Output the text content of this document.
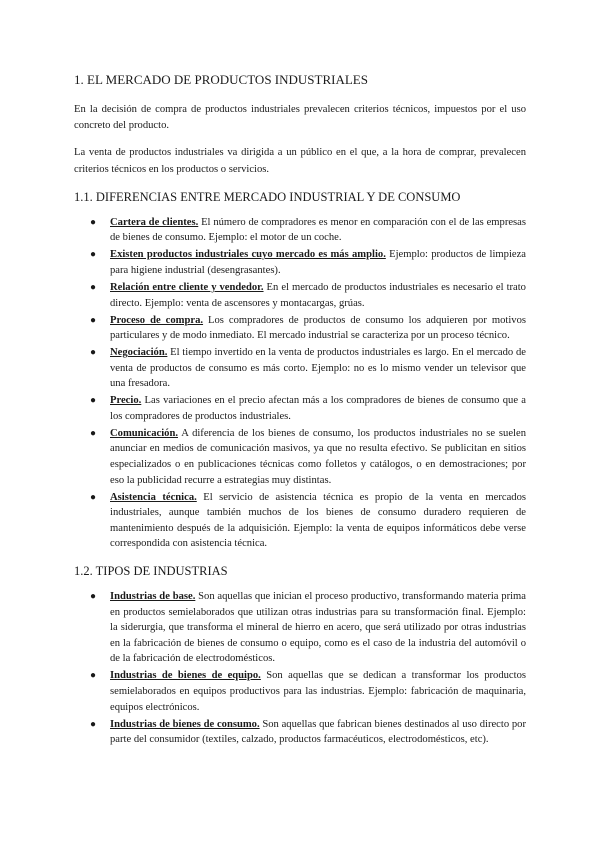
1. EL MERCADO DE PRODUCTOS INDUSTRIALES

En la decisión de compra de productos industriales prevalecen criterios técnicos, impuestos por el uso concreto del producto.

La venta de productos industriales va dirigida a un público en el que, a la hora de comprar, prevalecen criterios técnicos en los productos o servicios.

1.1. DIFERENCIAS ENTRE MERCADO INDUSTRIAL Y DE CONSUMO
● Cartera de clientes. El número de compradores es menor en comparación con el de las empresas de bienes de consumo. Ejemplo: el motor de un coche.
● Existen productos industriales cuyo mercado es más amplio. Ejemplo: productos de limpieza para higiene industrial (desengrasantes).
● Relación entre cliente y vendedor. En el mercado de productos industriales es necesario el trato directo. Ejemplo: venta de ascensores y montacargas, grúas.
● Proceso de compra. Los compradores de productos de consumo los adquieren por motivos particulares y de modo inmediato. El mercado industrial se caracteriza por un proceso técnico.
● Negociación. El tiempo invertido en la venta de productos industriales es largo. En el mercado de venta de productos de consumo es más corto. Ejemplo: no es lo mismo vender un televisor que una fresadora.
● Precio. Las variaciones en el precio afectan más a los compradores de bienes de consumo que a los compradores de productos industriales.
● Comunicación. A diferencia de los bienes de consumo, los productos industriales no se suelen anunciar en medios de comunicación masivos, ya que no resulta efectivo. Se publicitan en sitios especializados o en publicaciones técnicas como folletos y catálogos, o en demostraciones; por eso la publicidad recurre a estrategias muy distintas.
● Asistencia técnica. El servicio de asistencia técnica es propio de la venta en mercados industriales, aunque también muchos de los bienes de consumo duradero requieren de mantenimiento después de la adquisición. Ejemplo: la venta de equipos informáticos debe verse correspondida con asistencia técnica.
1.2. TIPOS DE INDUSTRIAS
● Industrias de base. Son aquellas que inician el proceso productivo, transformando materia prima en productos semielaborados que utilizan otras industrias para su transformación final. Ejemplo: la siderurgia, que transforma el mineral de hierro en acero, que será utilizado por otras industrias en la fabricación de bienes de consumo o equipo, como es el caso de la industria del automóvil o de la fabricación de electrodomésticos.
● Industrias de bienes de equipo. Son aquellas que se dedican a transformar los productos semielaborados en equipos productivos para las industrias. Ejemplo: fabricación de maquinaria, equipos electrónicos.
● Industrias de bienes de consumo. Son aquellas que fabrican bienes destinados al uso directo por parte del consumidor (textiles, calzado, productos farmacéuticos, electrodomésticos, etc).
